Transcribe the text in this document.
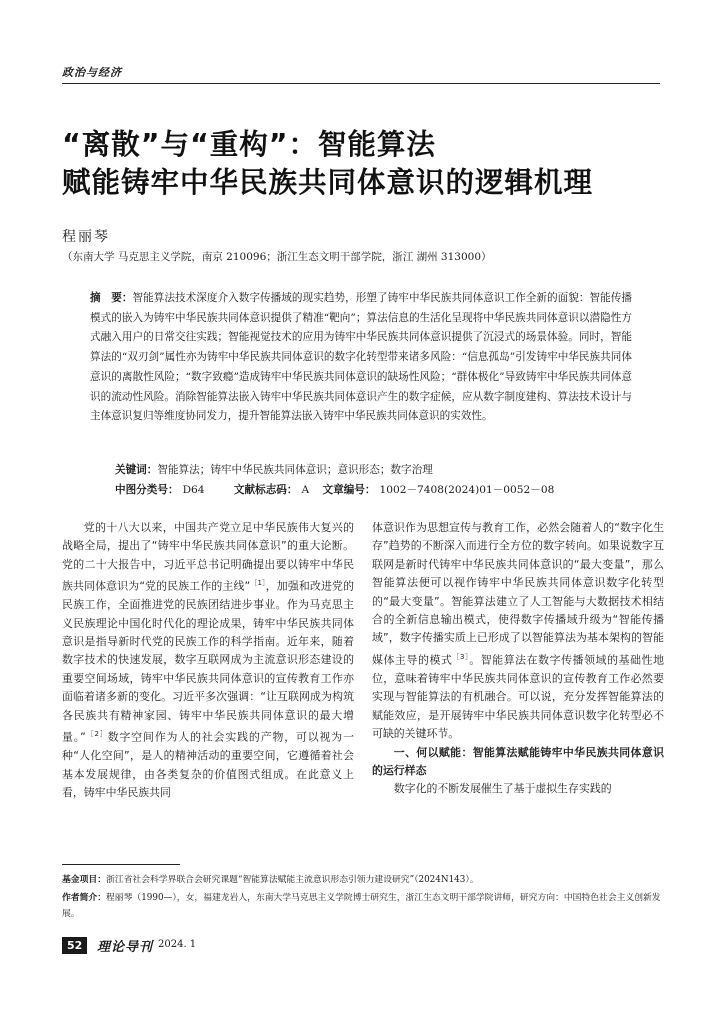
政治与经济
“离散”与“重构”：智能算法
赋能铸牢中华民族共同体意识的逻辑机理
程丽琴
（东南大学 马克思主义学院，南京 210096；浙江生态文明干部学院，浙江 湖州 313000）
摘　要：智能算法技术深度介入数字传播域的现实趋势，形塑了铸牢中华民族共同体意识工作全新的面貌：智能传播模式的嵌入为铸牢中华民族共同体意识提供了精准“靶向”；算法信息的生活化呈现将中华民族共同体意识以潜隐性方式融入用户的日常交往实践；智能视觉技术的应用为铸牢中华民族共同体意识提供了沉浸式的场景体验。同时，智能算法的“双刃剑”属性亦为铸牢中华民族共同体意识的数字化转型带来诸多风险：“信息孤岛”引发铸牢中华民族共同体意识的离散性风险；“数字致瘾”造成铸牢中华民族共同体意识的缺场性风险；“群体极化”导致铸牢中华民族共同体意识的流动性风险。消除智能算法嵌入铸牢中华民族共同体意识产生的数字症候，应从数字制度建构、算法技术设计与主体意识复归等维度协同发力，提升智能算法嵌入铸牢中华民族共同体意识的实效性。
关键词：智能算法；铸牢中华民族共同体意识；意识形态；数字治理
中图分类号： D64	文献标志码： A 文章编号： 1002－7408(2024)01－0052－08

党的十八大以来，中国共产党立足中华民族伟大复兴的战略全局，提出了“铸牢中华民族共同体意识”的重大论断。党的二十大报告中，习近平总书记明确提出要以铸牢中华民族共同体意识为“党的民族工作的主线”$^{[1]}$，加强和改进党的民族工作，全面推进党的民族团结进步事业。作为马克思主义民族理论中国化时代化的理论成果，铸牢中华民族共同体意识是指导新时代党的民族工作的科学指南。近年来，随着数字技术的快速发展，数字互联网成为主流意识形态建设的重要空间场域，铸牢中华民族共同体意识的宣传教育工作亦面临着诸多新的变化。习近平多次强调：“让互联网成为构筑各民族共有精神家园、铸牢中华民族共同体意识的最大增量。”$^{[2]}$数字空间作为人的社会实践的产物，可以视为一种“人化空间”，是人的精神活动的重要空间，它遵循着社会基本发展规律，由各类复杂的价值图式组成。在此意义上看，铸牢中华民族共同

体意识作为思想宣传与教育工作，必然会随着人的“数字化生存”趋势的不断深入而进行全方位的数字转向。如果说数字互联网是新时代铸牢中华民族共同体意识的“最大变量”，那么智能算法便可以视作铸牢中华民族共同体意识数字化转型的“最大变量”。智能算法建立了人工智能与大数据技术相结合的全新信息输出模式，使得数字传播域升级为“智能传播域”，数字传播实质上已形成了以智能算法为基本架构的智能媒体主导的模式$^{[3]}$。智能算法在数字传播领域的基础性地位，意味着铸牢中华民族共同体意识的宣传教育工作必然要实现与智能算法的有机融合。可以说，充分发挥智能算法的赋能效应，是开展铸牢中华民族共同体意识数字化转型必不可缺的关键环节。

一、何以赋能：智能算法赋能铸牢中华民族共同体意识的运行样态

数字化的不断发展催生了基于虚拟生存实践的

基金项目：浙江省社会科学界联合会研究课题“智能算法赋能主流意识形态引领力建设研究”（2024N143）。
作者简介：程丽琴（1990—），女，福建龙岩人，东南大学马克思主义学院博士研究生，浙江生态文明干部学院讲师，研究方向：中国特色社会主义创新发展。
52	理论导刊 2024. 1
